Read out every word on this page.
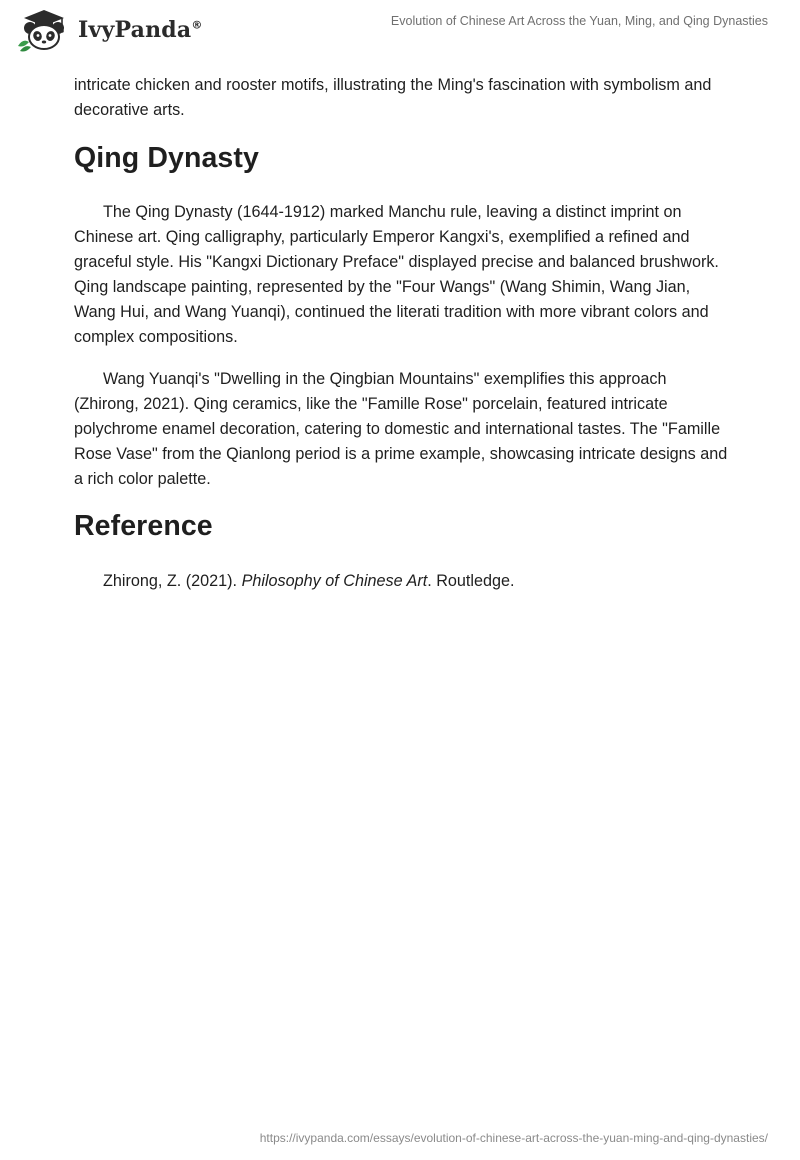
IvyPanda®	Evolution of Chinese Art Across the Yuan, Ming, and Qing Dynasties

intricate chicken and rooster motifs, illustrating the Ming's fascination with symbolism and decorative arts.

Qing Dynasty

The Qing Dynasty (1644-1912) marked Manchu rule, leaving a distinct imprint on Chinese art. Qing calligraphy, particularly Emperor Kangxi's, exemplified a refined and graceful style. His "Kangxi Dictionary Preface" displayed precise and balanced brushwork. Qing landscape painting, represented by the "Four Wangs" (Wang Shimin, Wang Jian, Wang Hui, and Wang Yuanqi), continued the literati tradition with more vibrant colors and complex compositions.

Wang Yuanqi's "Dwelling in the Qingbian Mountains" exemplifies this approach (Zhirong, 2021). Qing ceramics, like the "Famille Rose" porcelain, featured intricate polychrome enamel decoration, catering to domestic and international tastes. The "Famille Rose Vase" from the Qianlong period is a prime example, showcasing intricate designs and a rich color palette.

Reference

Zhirong, Z. (2021). Philosophy of Chinese Art. Routledge.

https://ivypanda.com/essays/evolution-of-chinese-art-across-the-yuan-ming-and-qing-dynasties/
